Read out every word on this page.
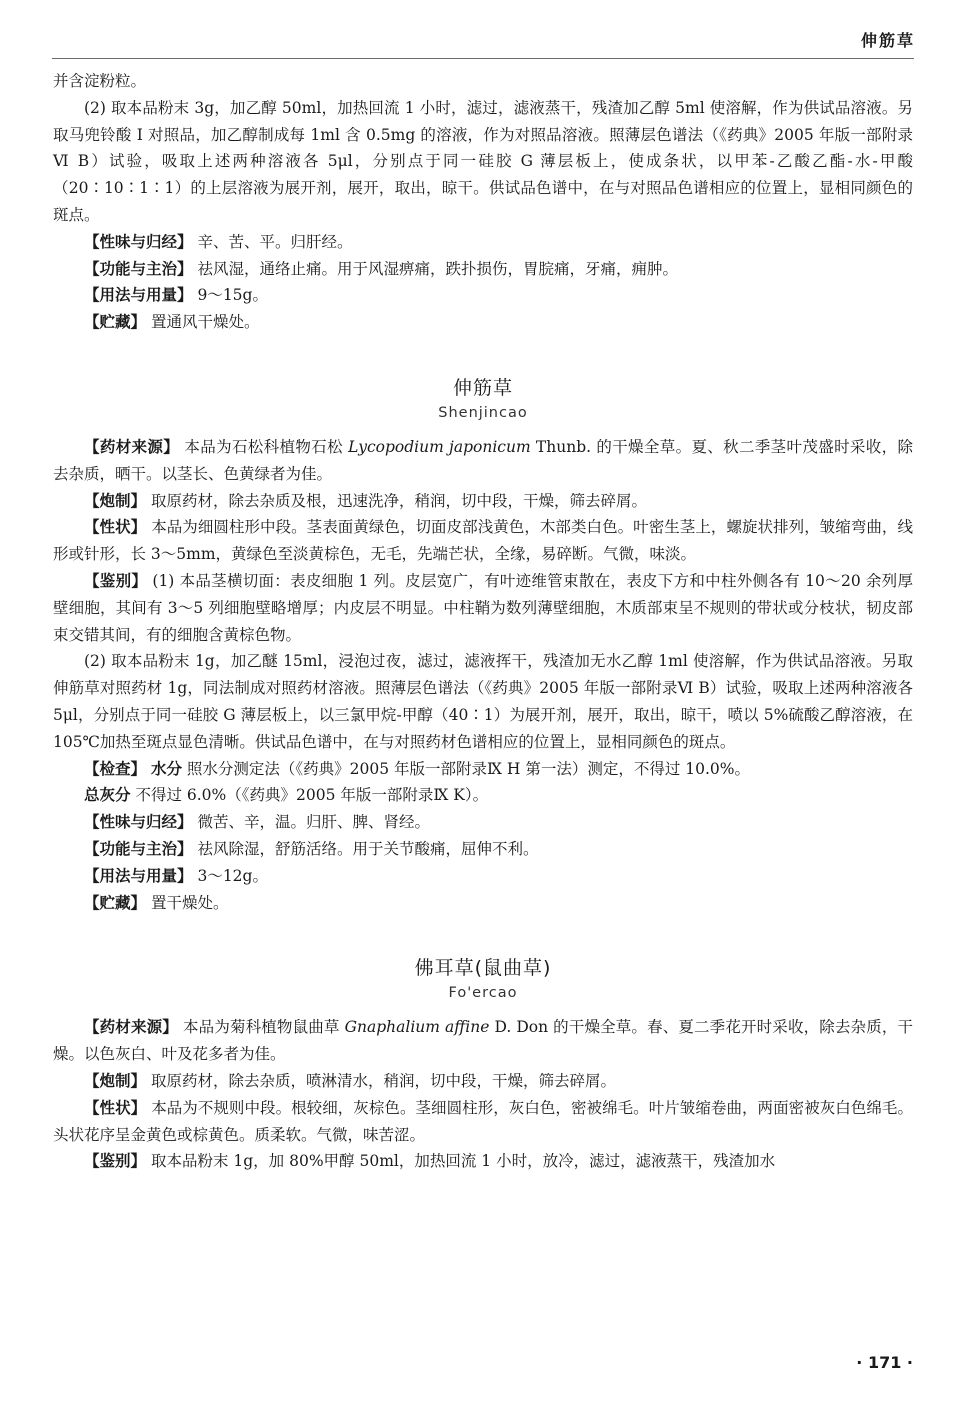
伸筋草

并含淀粉粒。

(2) 取本品粉末 3g，加乙醇 50ml，加热回流 1 小时，滤过，滤液蒸干，残渣加乙醇 5ml 使溶解，作为供试品溶液。另取马兜铃酸 I 对照品，加乙醇制成每 1ml 含 0.5mg 的溶液，作为对照品溶液。照薄层色谱法（《药典》2005 年版一部附录Ⅵ B）试验，吸取上述两种溶液各 5μl，分别点于同一硅胶 G 薄层板上，使成条状，以甲苯-乙酸乙酯-水-甲酸（20∶10∶1∶1）的上层溶液为展开剂，展开，取出，晾干。供试品色谱中，在与对照品色谱相应的位置上，显相同颜色的斑点。

【性味与归经】 辛、苦、平。归肝经。

【功能与主治】 祛风湿，通络止痛。用于风湿痹痛，跌扑损伤，胃脘痛，牙痛，痈肿。

【用法与用量】 9～15g。

【贮藏】 置通风干燥处。

伸筋草
Shenjincao

【药材来源】 本品为石松科植物石松 Lycopodium japonicum Thunb. 的干燥全草。夏、秋二季茎叶茂盛时采收，除去杂质，晒干。以茎长、色黄绿者为佳。

【炮制】 取原药材，除去杂质及根，迅速洗净，稍润，切中段，干燥，筛去碎屑。

【性状】 本品为细圆柱形中段。茎表面黄绿色，切面皮部浅黄色，木部类白色。叶密生茎上，螺旋状排列，皱缩弯曲，线形或针形，长 3～5mm，黄绿色至淡黄棕色，无毛，先端芒状，全缘，易碎断。气微，味淡。

【鉴别】 (1) 本品茎横切面：表皮细胞 1 列。皮层宽广，有叶迹维管束散在，表皮下方和中柱外侧各有 10～20 余列厚壁细胞，其间有 3～5 列细胞壁略增厚；内皮层不明显。中柱鞘为数列薄壁细胞，木质部束呈不规则的带状或分枝状，韧皮部束交错其间，有的细胞含黄棕色物。

(2) 取本品粉末 1g，加乙醚 15ml，浸泡过夜，滤过，滤液挥干，残渣加无水乙醇 1ml 使溶解，作为供试品溶液。另取伸筋草对照药材 1g，同法制成对照药材溶液。照薄层色谱法（《药典》2005 年版一部附录Ⅵ B）试验，吸取上述两种溶液各 5μl，分别点于同一硅胶 G 薄层板上，以三氯甲烷-甲醇（40∶1）为展开剂，展开，取出，晾干，喷以 5%硫酸乙醇溶液，在 105℃加热至斑点显色清晰。供试品色谱中，在与对照药材色谱相应的位置上，显相同颜色的斑点。

【检查】 水分 照水分测定法（《药典》2005 年版一部附录Ⅸ H 第一法）测定，不得过 10.0%。

总灰分 不得过 6.0%（《药典》2005 年版一部附录Ⅸ K）。

【性味与归经】 微苦、辛，温。归肝、脾、肾经。

【功能与主治】 祛风除湿，舒筋活络。用于关节酸痛，屈伸不利。

【用法与用量】 3～12g。

【贮藏】 置干燥处。

佛耳草(鼠曲草)
Fo'ercao

【药材来源】 本品为菊科植物鼠曲草 Gnaphalium affine D. Don 的干燥全草。春、夏二季花开时采收，除去杂质，干燥。以色灰白、叶及花多者为佳。

【炮制】 取原药材，除去杂质，喷淋清水，稍润，切中段，干燥，筛去碎屑。

【性状】 本品为不规则中段。根较细，灰棕色。茎细圆柱形，灰白色，密被绵毛。叶片皱缩卷曲，两面密被灰白色绵毛。头状花序呈金黄色或棕黄色。质柔软。气微，味苦涩。

【鉴别】 取本品粉末 1g，加 80%甲醇 50ml，加热回流 1 小时，放冷，滤过，滤液蒸干，残渣加水

· 171 ·
